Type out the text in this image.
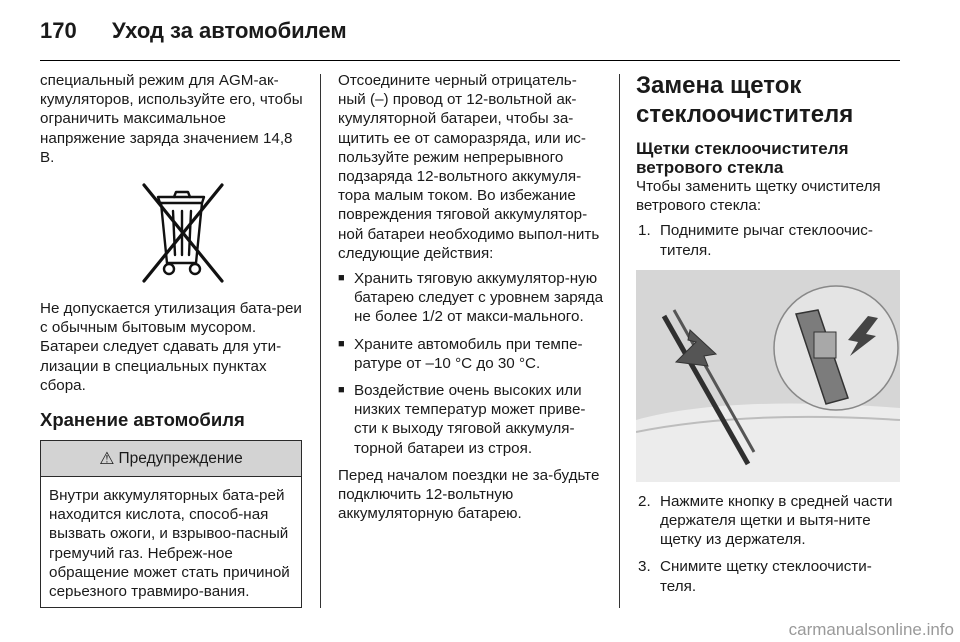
170	Уход за автомобилем

специальный режим для AGM-ак-кумуляторов, используйте его, чтобы ограничить максимальное напряжение заряда значением 14,8 В.

Не допускается утилизация бата-реи с обычным бытовым мусором. Батареи следует сдавать для ути-лизации в специальных пунктах сбора.

Хранение автомобиля
⚠ Предупреждение
Внутри аккумуляторных бата-рей находится кислота, способ-ная вызвать ожоги, и взрывоо-пасный гремучий газ. Небреж-ное обращение может стать причиной серьезного травмиро-вания.

Отсоедините черный отрицатель-ный (–) провод от 12-вольтной ак-кумуляторной батареи, чтобы за-щитить ее от саморазряда, или ис-пользуйте режим непрерывного подзаряда 12-вольтного аккумуля-тора малым током. Во избежание повреждения тяговой аккумулятор-ной батареи необходимо выпол-нить следующие действия:

■ Хранить тяговую аккумулятор-ную батарею следует с уровнем заряда не более 1/2 от макси-мального.
■ Храните автомобиль при темпе-ратуре от –10 °C до 30 °C.
■ Воздействие очень высоких или низких температур может приве-сти к выходу тяговой аккумуля-торной батареи из строя.

Перед началом поездки не за-будьте подключить 12-вольтную аккумуляторную батарею.

Замена щеток стеклоочистителя
Щетки стеклоочистителя ветрового стекла

Чтобы заменить щетку очистителя ветрового стекла:

1. Поднимите рычаг стеклоочис-тителя.
2. Нажмите кнопку в средней части держателя щетки и вытя-ните щетку из держателя.
3. Снимите щетку стеклоочисти-теля.
carmanualsonline.info
